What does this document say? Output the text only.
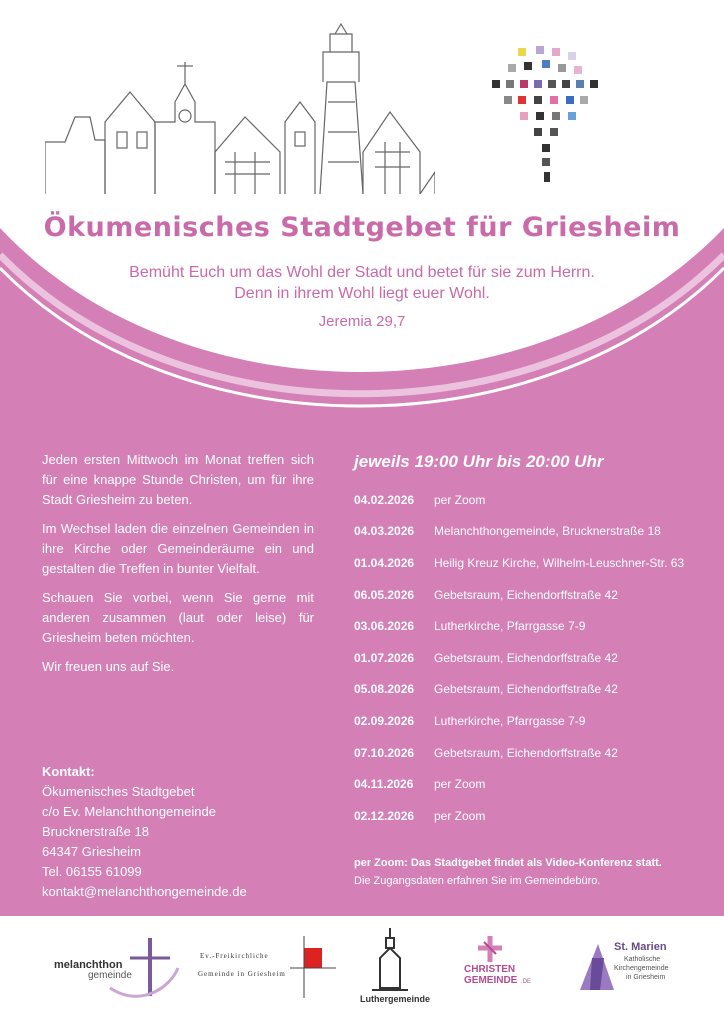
Ökumenisches Stadtgebet für Griesheim
Bemüht Euch um das Wohl der Stadt und betet für sie zum Herrn.
Denn in ihrem Wohl liegt euer Wohl.
Jeremia 29,7

Jeden ersten Mittwoch im Monat treffen sich für eine knappe Stunde Christen, um für ihre Stadt Griesheim zu beten.

Im Wechsel laden die einzelnen Gemeinden in ihre Kirche oder Gemeinderäume ein und gestalten die Treffen in bunter Vielfalt.

Schauen Sie vorbei, wenn Sie gerne mit anderen zusammen (laut oder leise) für Griesheim beten möchten.

Wir freuen uns auf Sie.

Kontakt:
Ökumenisches Stadtgebet
c/o Ev. Melanchthongemeinde
Brucknerstraße 18
64347 Griesheim
Tel. 06155 61099
kontakt@melanchthongemeinde.de
jeweils 19:00 Uhr bis 20:00 Uhr
04.02.2026	per Zoom
04.03.2026	Melanchthongemeinde, Brucknerstraße 18
01.04.2026	Heilig Kreuz Kirche, Wilhelm-Leuschner-Str. 63
06.05.2026	Gebetsraum, Eichendorffstraße 42
03.06.2026	Lutherkirche, Pfarrgasse 7-9
01.07.2026	Gebetsraum, Eichendorffstraße 42
05.08.2026	Gebetsraum, Eichendorffstraße 42
02.09.2026	Lutherkirche, Pfarrgasse 7-9
07.10.2026	Gebetsraum, Eichendorffstraße 42
04.11.2026	per Zoom
02.12.2026	per Zoom
per Zoom: Das Stadtgebet findet als Video-Konferenz statt.
Die Zugangsdaten erfahren Sie im Gemeindebüro.
melanchthon
gemeinde
Ev.-Freikirchliche
Gemeinde in Griesheim
Luthergemeinde
CHRISTEN
GEMEINDE .DE
St. Marien
Katholische
Kirchengemeinde
in Griesheim
